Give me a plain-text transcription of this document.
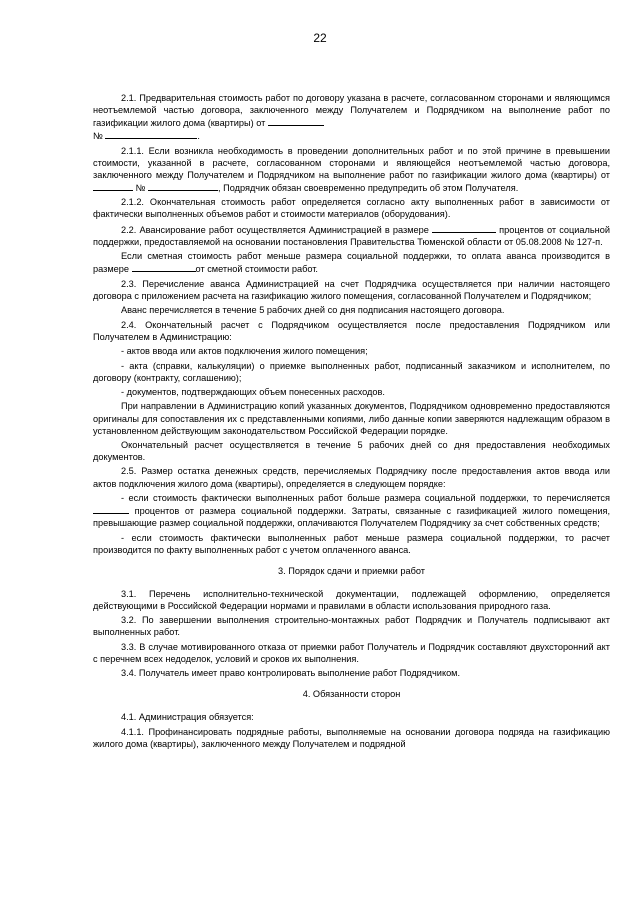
22

2.1. Предварительная стоимость работ по договору указана в расчете, согласованном сторонами и являющимся неотъемлемой частью договора, заключенного между Получателем и Подрядчиком на выполнение работ по газификации жилого дома (квартиры) от
№	.

2.1.1. Если возникла необходимость в проведении дополнительных работ и по этой причине в превышении стоимости, указанной в расчете, согласованном сторонами и являющейся неотъемлемой частью договора, заключенного между Получателем и Подрядчиком на выполнение работ по газификации жилого дома (квартиры) от  №	, Подрядчик обязан своевременно предупредить об этом Получателя.

2.1.2. Окончательная стоимость работ определяется согласно акту выполненных работ в зависимости от фактически выполненных объемов работ и стоимости материалов (оборудования).

2.2. Авансирование работ осуществляется Администрацией в размере	процентов от социальной поддержки, предоставляемой на основании постановления Правительства Тюменской области от 05.08.2008 № 127-п.

Если сметная стоимость работ меньше размера социальной поддержки, то оплата аванса производится в размере	от сметной стоимости работ.

2.3. Перечисление аванса Администрацией на счет Подрядчика осуществляется при наличии настоящего договора с приложением расчета на газификацию жилого помещения, согласованной Получателем и Подрядчиком;

Аванс перечисляется в течение 5 рабочих дней со дня подписания настоящего договора.

2.4. Окончательный расчет с Подрядчиком осуществляется после предоставления Подрядчиком или Получателем в Администрацию:

- актов ввода или актов подключения жилого помещения;

- акта (справки, калькуляции) о приемке выполненных работ, подписанный заказчиком и исполнителем, по договору (контракту, соглашению);

- документов, подтверждающих объем понесенных расходов.

При направлении в Администрацию копий указанных документов, Подрядчиком одновременно предоставляются оригиналы для сопоставления их с представленными копиями, либо данные копии заверяются надлежащим образом в установленном действующим законодательством Российской Федерации порядке.

Окончательный расчет осуществляется в течение 5 рабочих дней со дня предоставления необходимых документов.

2.5. Размер остатка денежных средств, перечисляемых Подрядчику после предоставления актов ввода или актов подключения жилого дома (квартиры), определяется в следующем порядке:

- если стоимость фактически выполненных работ больше размера социальной поддержки, то перечисляется  процентов от размера социальной поддержки. Затраты, связанные с газификацией жилого помещения, превышающие размер социальной поддержки, оплачиваются Получателем Подрядчику за счет собственных средств;

- если стоимость фактически выполненных работ меньше размера социальной поддержки, то расчет производится по факту выполненных работ с учетом оплаченного аванса.

3. Порядок сдачи и приемки работ

3.1. Перечень исполнительно-технической документации, подлежащей оформлению, определяется действующими в Российской Федерации нормами и правилами в области использования природного газа.

3.2. По завершении выполнения строительно-монтажных работ Подрядчик и Получатель подписывают акт выполненных работ.

3.3. В случае мотивированного отказа от приемки работ Получатель и Подрядчик составляют двухсторонний акт с перечнем всех недоделок, условий и сроков их выполнения.

3.4. Получатель имеет право контролировать выполнение работ Подрядчиком.

4. Обязанности сторон

4.1. Администрация обязуется:

4.1.1. Профинансировать подрядные работы, выполняемые на основании договора подряда на газификацию жилого дома (квартиры), заключенного между Получателем и подрядной
